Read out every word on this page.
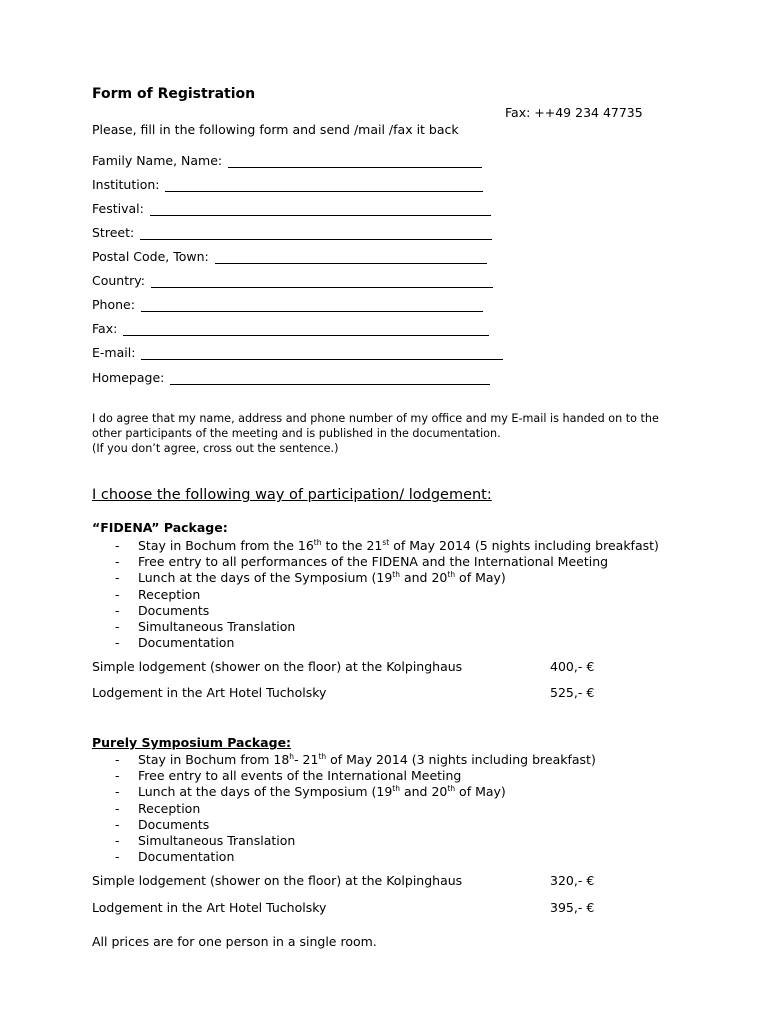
Form of Registration
Fax: ++49 234 47735
Please, fill in the following form and send /mail /fax it back
Family Name, Name:
Institution:
Festival:
Street:
Postal Code, Town:
Country:
Phone:
Fax:
E-mail:
Homepage:
I do agree that my name, address and phone number of my office and my E-mail is handed on to the
other participants of the meeting and is published in the documentation.
(If you don’t agree, cross out the sentence.)
I choose the following way of participation/ lodgement:
“FIDENA” Package:
- Stay in Bochum from the 16th to the 21st of May 2014 (5 nights including breakfast)
- Free entry to all performances of the FIDENA and the International Meeting
- Lunch at the days of the Symposium (19th and 20th of May)
- Reception
- Documents
- Simultaneous Translation
- Documentation
Simple lodgement (shower on the floor) at the Kolpinghaus	400,- €
Lodgement in the Art Hotel Tucholsky	525,- €
Purely Symposium Package:
- Stay in Bochum from 18$^h$- 21th of May 2014 (3 nights including breakfast)
- Free entry to all events of the International Meeting
- Lunch at the days of the Symposium (19th and 20th of May)
- Reception
- Documents
- Simultaneous Translation
- Documentation
Simple lodgement (shower on the floor) at the Kolpinghaus	320,- €
Lodgement in the Art Hotel Tucholsky	395,- €
All prices are for one person in a single room.
